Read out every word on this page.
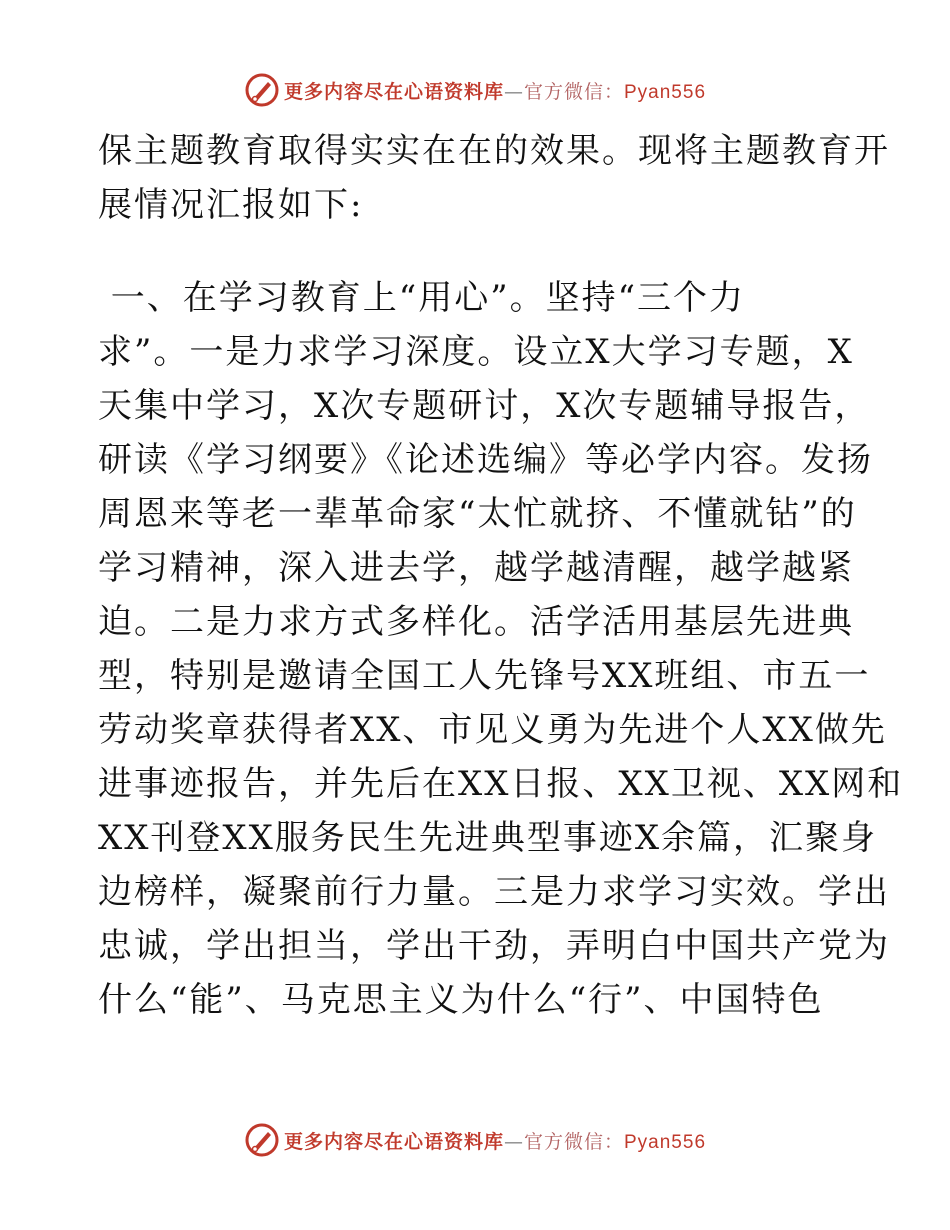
更多内容尽在心语资料库—官方微信：Pyan556
保主题教育取得实实在在的效果。现将主题教育开
展情况汇报如下:
一、在学习教育上“用心”。坚持“三个力
求”。一是力求学习深度。设立X大学习专题，X
天集中学习，X次专题研讨，X次专题辅导报告，
研读《学习纲要》《论述选编》等必学内容。发扬
周恩来等老一辈革命家“太忙就挤、不懂就钻”的
学习精神，深入进去学，越学越清醒，越学越紧
迫。二是力求方式多样化。活学活用基层先进典
型，特别是邀请全国工人先锋号XX班组、市五一
劳动奖章获得者XX、市见义勇为先进个人XX做先
进事迹报告，并先后在XX日报、XX卫视、XX网和
XX刊登XX服务民生先进典型事迹X余篇，汇聚身
边榜样，凝聚前行力量。三是力求学习实效。学出
忠诚，学出担当，学出干劲，弄明白中国共产党为
什么“能”、马克思主义为什么“行”、中国特色
更多内容尽在心语资料库—官方微信：Pyan556
